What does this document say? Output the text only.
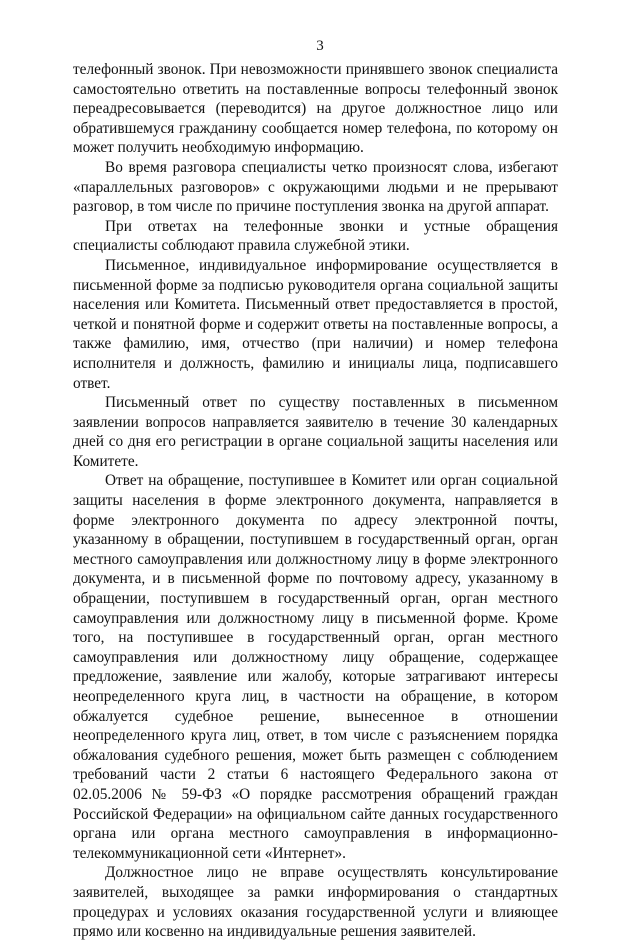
3

телефонный звонок. При невозможности принявшего звонок специалиста самостоятельно ответить на поставленные вопросы телефонный звонок переадресовывается (переводится) на другое должностное лицо или обратившемуся гражданину сообщается номер телефона, по которому он может получить необходимую информацию.

Во время разговора специалисты четко произносят слова, избегают «параллельных разговоров» с окружающими людьми и не прерывают разговор, в том числе по причине поступления звонка на другой аппарат.

При ответах на телефонные звонки и устные обращения специалисты соблюдают правила служебной этики.

Письменное, индивидуальное информирование осуществляется в письменной форме за подписью руководителя органа социальной защиты населения или Комитета. Письменный ответ предоставляется в простой, четкой и понятной форме и содержит ответы на поставленные вопросы, а также фамилию, имя, отчество (при наличии) и номер телефона исполнителя и должность, фамилию и инициалы лица, подписавшего ответ.

Письменный ответ по существу поставленных в письменном заявлении вопросов направляется заявителю в течение 30 календарных дней со дня его регистрации в органе социальной защиты населения или Комитете.

Ответ на обращение, поступившее в Комитет или орган социальной защиты населения в форме электронного документа, направляется в форме электронного документа по адресу электронной почты, указанному в обращении, поступившем в государственный орган, орган местного самоуправления или должностному лицу в форме электронного документа, и в письменной форме по почтовому адресу, указанному в обращении, поступившем в государственный орган, орган местного самоуправления или должностному лицу в письменной форме. Кроме того, на поступившее в государственный орган, орган местного самоуправления или должностному лицу обращение, содержащее предложение, заявление или жалобу, которые затрагивают интересы неопределенного круга лиц, в частности на обращение, в котором обжалуется судебное решение, вынесенное в отношении неопределенного круга лиц, ответ, в том числе с разъяснением порядка обжалования судебного решения, может быть размещен с соблюдением требований части 2 статьи 6 настоящего Федерального закона от 02.05.2006 № 59-ФЗ «О порядке рассмотрения обращений граждан Российской Федерации» на официальном сайте данных государственного органа или органа местного самоуправления в информационно-телекоммуникационной сети «Интернет».

Должностное лицо не вправе осуществлять консультирование заявителей, выходящее за рамки информирования о стандартных процедурах и условиях оказания государственной услуги и влияющее прямо или косвенно на индивидуальные решения заявителей.
